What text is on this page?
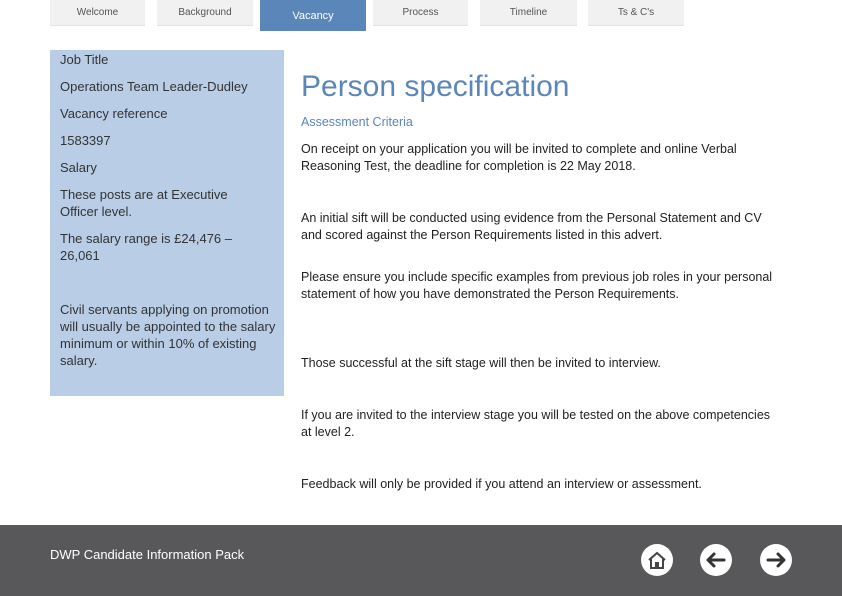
Welcome	Background	Vacancy	Process	Timeline	Ts & C's
Job Title
Operations Team Leader-Dudley
Vacancy reference
1583397
Salary
These posts are at Executive Officer level.
The salary range is £24,476 – 26,061
Civil servants applying on promotion will usually be appointed to the salary minimum or within 10% of existing salary.
Person specification
Assessment Criteria
On receipt on your application you will be invited to complete and online Verbal Reasoning Test, the deadline for completion is 22 May 2018.
An initial sift will be conducted using evidence from the Personal Statement and CV and scored against the Person Requirements listed in this advert.
Please ensure you include specific examples from previous job roles in your personal statement of how you have demonstrated the Person Requirements.
Those successful at the sift stage will then be invited to interview.
If you are invited to the interview stage you will be tested on the above competencies at level 2.
Feedback will only be provided if you attend an interview or assessment.
DWP Candidate Information Pack
